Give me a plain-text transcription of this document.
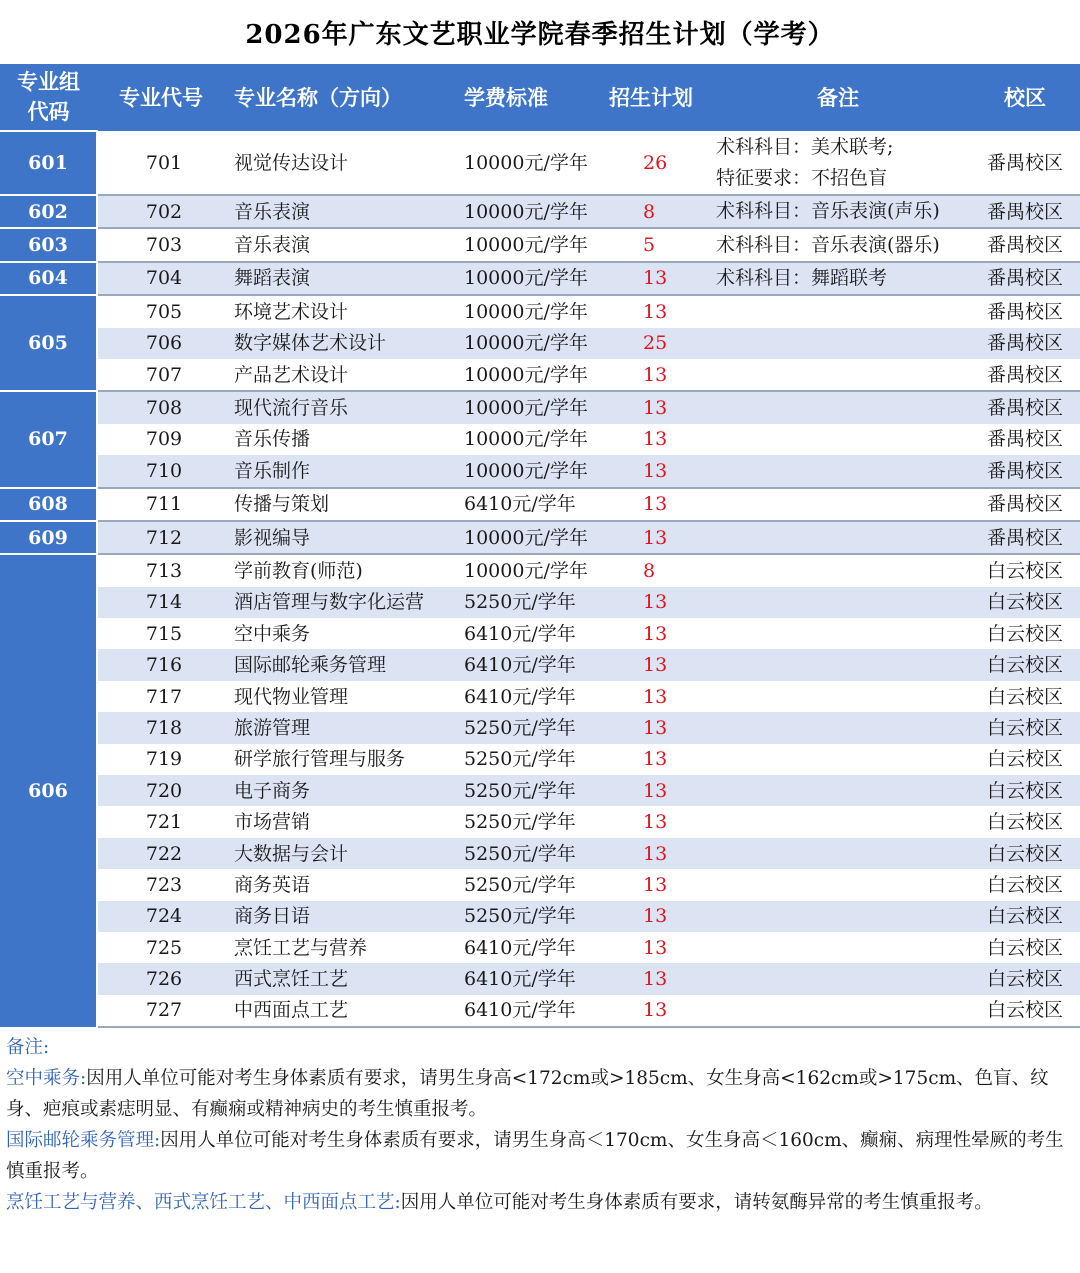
2026年广东文艺职业学院春季招生计划（学考）
专业组
代码	专业代号	专业名称（方向）	学费标准	招生计划	备注	校区
601	701	视觉传达设计	10000元/学年	26	术科科目：美术联考;
特征要求：不招色盲	番禺校区
602	702	音乐表演	10000元/学年	8	术科科目：音乐表演(声乐)	番禺校区
603	703	音乐表演	10000元/学年	5	术科科目：音乐表演(器乐)	番禺校区
604	704	舞蹈表演	10000元/学年	13	术科科目：舞蹈联考	番禺校区
605	705	环境艺术设计	10000元/学年	13		番禺校区
	706	数字媒体艺术设计	10000元/学年	25		番禺校区
	707	产品艺术设计	10000元/学年	13		番禺校区
607	708	现代流行音乐	10000元/学年	13		番禺校区
	709	音乐传播	10000元/学年	13		番禺校区
	710	音乐制作	10000元/学年	13		番禺校区
608	711	传播与策划	6410元/学年	13		番禺校区
609	712	影视编导	10000元/学年	13		番禺校区
606	713	学前教育(师范)	10000元/学年	8		白云校区
	714	酒店管理与数字化运营	5250元/学年	13		白云校区
	715	空中乘务	6410元/学年	13		白云校区
	716	国际邮轮乘务管理	6410元/学年	13		白云校区
	717	现代物业管理	6410元/学年	13		白云校区
	718	旅游管理	5250元/学年	13		白云校区
	719	研学旅行管理与服务	5250元/学年	13		白云校区
	720	电子商务	5250元/学年	13		白云校区
	721	市场营销	5250元/学年	13		白云校区
	722	大数据与会计	5250元/学年	13		白云校区
	723	商务英语	5250元/学年	13		白云校区
	724	商务日语	5250元/学年	13		白云校区
	725	烹饪工艺与营养	6410元/学年	13		白云校区
	726	西式烹饪工艺	6410元/学年	13		白云校区
	727	中西面点工艺	6410元/学年	13		白云校区

备注:

空中乘务:因用人单位可能对考生身体素质有要求，请男生身高<172cm或>185cm、女生身高<162cm或>175cm、色盲、纹身、疤痕或素痣明显、有癫痫或精神病史的考生慎重报考。

国际邮轮乘务管理:因用人单位可能对考生身体素质有要求，请男生身高＜170cm、女生身高＜160cm、癫痫、病理性晕厥的考生慎重报考。

烹饪工艺与营养、西式烹饪工艺、中西面点工艺:因用人单位可能对考生身体素质有要求，请转氨酶异常的考生慎重报考。
